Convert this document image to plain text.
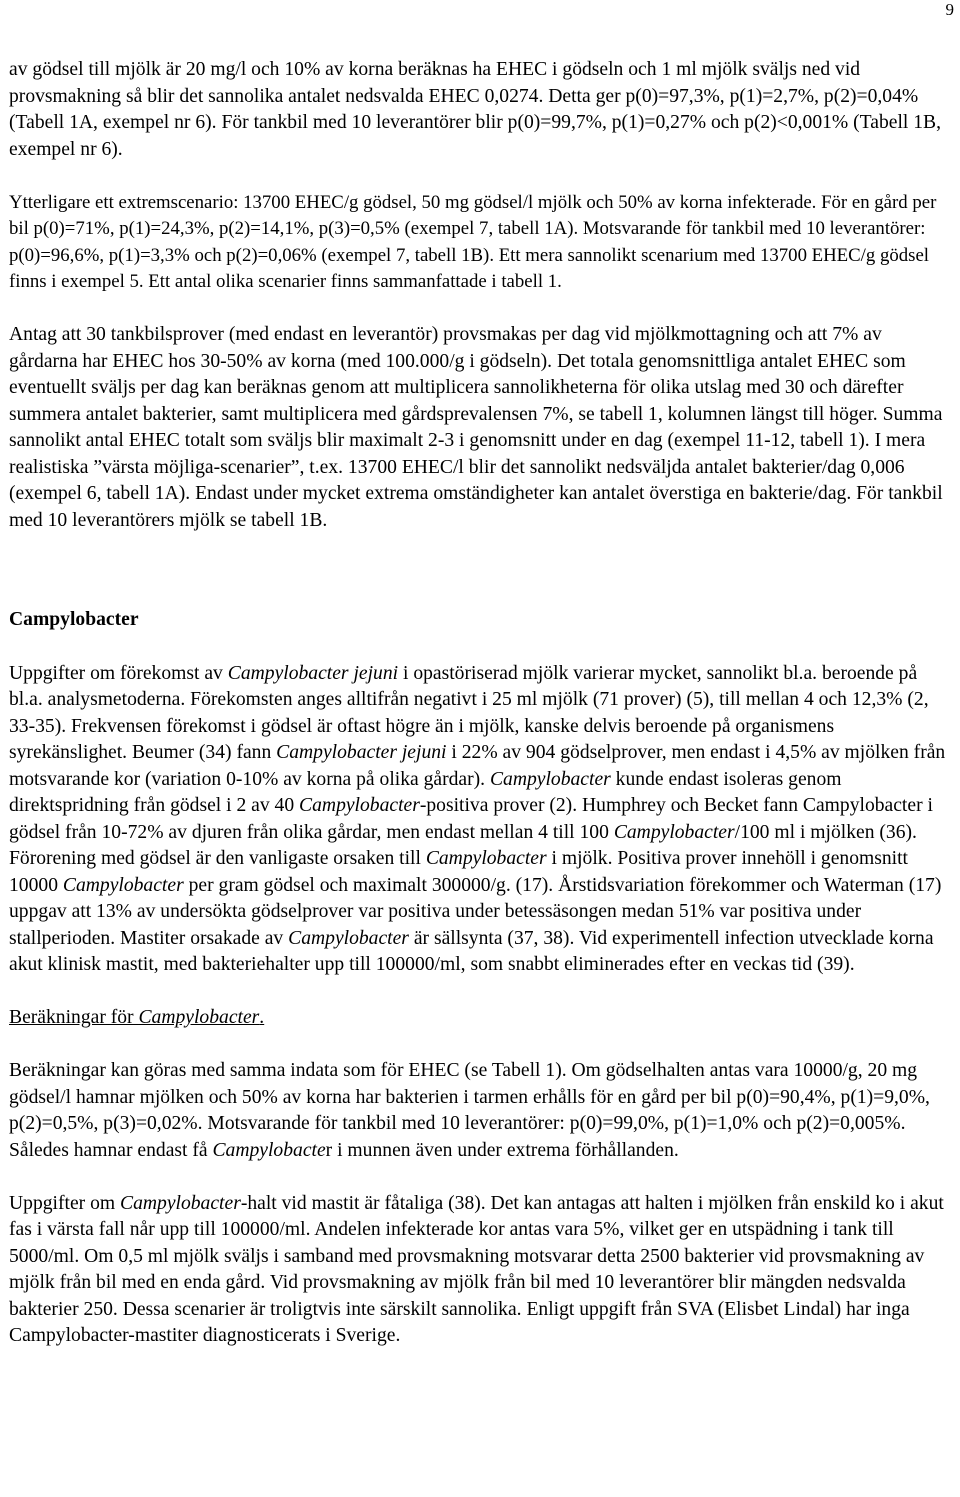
9

av gödsel till mjölk är 20 mg/l och 10% av korna beräknas ha EHEC i gödseln och 1 ml mjölk sväljs ned vid provsmakning så blir det sannolika antalet nedsvalda EHEC 0,0274. Detta ger p(0)=97,3%, p(1)=2,7%, p(2)=0,04% (Tabell 1A, exempel nr 6). För tankbil med 10 leverantörer blir p(0)=99,7%, p(1)=0,27% och p(2)<0,001% (Tabell 1B, exempel nr 6).

Ytterligare ett extremscenario: 13700 EHEC/g gödsel, 50 mg gödsel/l mjölk och 50% av korna infekterade. För en gård per bil p(0)=71%, p(1)=24,3%, p(2)=14,1%, p(3)=0,5% (exempel 7, tabell 1A). Motsvarande för tankbil med 10 leverantörer: p(0)=96,6%, p(1)=3,3% och p(2)=0,06% (exempel 7, tabell 1B). Ett mera sannolikt scenarium med 13700 EHEC/g gödsel finns i exempel 5. Ett antal olika scenarier finns sammanfattade i tabell 1.

Antag att 30 tankbilsprover (med endast en leverantör) provsmakas per dag vid mjölkmottagning och att 7% av gårdarna har EHEC hos 30-50% av korna (med 100.000/g i gödseln). Det totala genomsnittliga antalet EHEC som eventuellt sväljs per dag kan beräknas genom att multiplicera sannolikheterna för olika utslag med 30 och därefter summera antalet bakterier, samt multiplicera med gårdsprevalensen 7%, se tabell 1, kolumnen längst till höger. Summa sannolikt antal EHEC totalt som sväljs blir maximalt 2-3 i genomsnitt under en dag (exempel 11-12, tabell 1). I mera realistiska ”värsta möjliga-scenarier”, t.ex. 13700 EHEC/l blir det sannolikt nedsväljda antalet bakterier/dag 0,006 (exempel 6, tabell 1A). Endast under mycket extrema omständigheter kan antalet överstiga en bakterie/dag. För tankbil med 10 leverantörers mjölk se tabell 1B.

Campylobacter

Uppgifter om förekomst av Campylobacter jejuni i opastöriserad mjölk varierar mycket, sannolikt bl.a. beroende på bl.a. analysmetoderna. Förekomsten anges alltifrån negativt i 25 ml mjölk (71 prover) (5), till mellan 4 och 12,3% (2, 33-35). Frekvensen förekomst i gödsel är oftast högre än i mjölk, kanske delvis beroende på organismens syrekänslighet. Beumer (34) fann Campylobacter jejuni i 22% av 904 gödselprover, men endast i 4,5% av mjölken från motsvarande kor (variation 0-10% av korna på olika gårdar). Campylobacter kunde endast isoleras genom direktspridning från gödsel i 2 av 40 Campylobacter-positiva prover (2). Humphrey och Becket fann Campylobacter i gödsel från 10-72% av djuren från olika gårdar, men endast mellan 4 till 100 Campylobacter/100 ml i mjölken (36). Förorening med gödsel är den vanligaste orsaken till Campylobacter i mjölk. Positiva prover innehöll i genomsnitt 10000 Campylobacter per gram gödsel och maximalt 300000/g. (17). Årstidsvariation förekommer och Waterman (17) uppgav att 13% av undersökta gödselprover var positiva under betessäsongen medan 51% var positiva under stallperioden. Mastiter orsakade av Campylobacter är sällsynta (37, 38). Vid experimentell infection utvecklade korna akut klinisk mastit, med bakteriehalter upp till 100000/ml, som snabbt eliminerades efter en veckas tid (39).

Beräkningar för Campylobacter.

Beräkningar kan göras med samma indata som för EHEC (se Tabell 1). Om gödselhalten antas vara 10000/g, 20 mg gödsel/l hamnar mjölken och 50% av korna har bakterien i tarmen erhålls för en gård per bil p(0)=90,4%, p(1)=9,0%, p(2)=0,5%, p(3)=0,02%. Motsvarande för tankbil med 10 leverantörer: p(0)=99,0%, p(1)=1,0% och p(2)=0,005%. Således hamnar endast få Campylobacter i munnen även under extrema förhållanden.

Uppgifter om Campylobacter-halt vid mastit är fåtaliga (38). Det kan antagas att halten i mjölken från enskild ko i akut fas i värsta fall når upp till 100000/ml. Andelen infekterade kor antas vara 5%, vilket ger en utspädning i tank till 5000/ml. Om 0,5 ml mjölk sväljs i samband med provsmakning motsvarar detta 2500 bakterier vid provsmakning av mjölk från bil med en enda gård. Vid provsmakning av mjölk från bil med 10 leverantörer blir mängden nedsvalda bakterier 250. Dessa scenarier är troligtvis inte särskilt sannolika. Enligt uppgift från SVA (Elisbet Lindal) har inga Campylobacter-mastiter diagnosticerats i Sverige.
